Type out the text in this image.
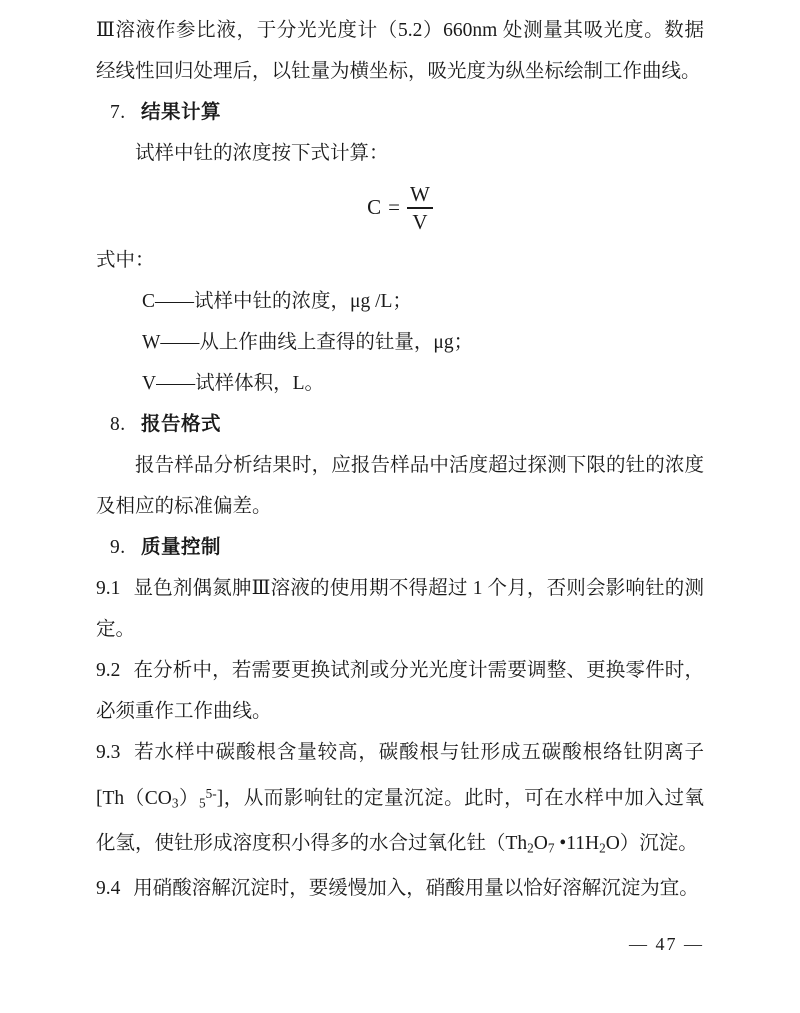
Ⅲ溶液作参比液，于分光光度计（5.2）660nm 处测量其吸光度。数据经线性回归处理后，以钍量为横坐标，吸光度为纵坐标绘制工作曲线。

7. 结果计算

试样中钍的浓度按下式计算：

$C = \frac{W}{V}$
式中：
C——试样中钍的浓度，μg /L；
W——从上作曲线上查得的钍量，μg；
V——试样体积，L。
8. 报告格式

报告样品分析结果时，应报告样品中活度超过探测下限的钍的浓度及相应的标准偏差。

9. 质量控制

9.1 显色剂偶氮胂Ⅲ溶液的使用期不得超过 1 个月，否则会影响钍的测定。

9.2 在分析中，若需要更换试剂或分光光度计需要调整、更换零件时，必须重作工作曲线。

9.3 若水样中碳酸根含量较高，碳酸根与钍形成五碳酸根络钍阴离子$[Th(CO_3)_5^{5-}]$，从而影响钍的定量沉淀。此时，可在水样中加入过氧化氢，使钍形成溶度积小得多的水合过氧化钍（$Th_2O_7$ $•11H_2O$）沉淀。

9.4 用硝酸溶解沉淀时，要缓慢加入，硝酸用量以恰好溶解沉淀为宜。

— 47 —
